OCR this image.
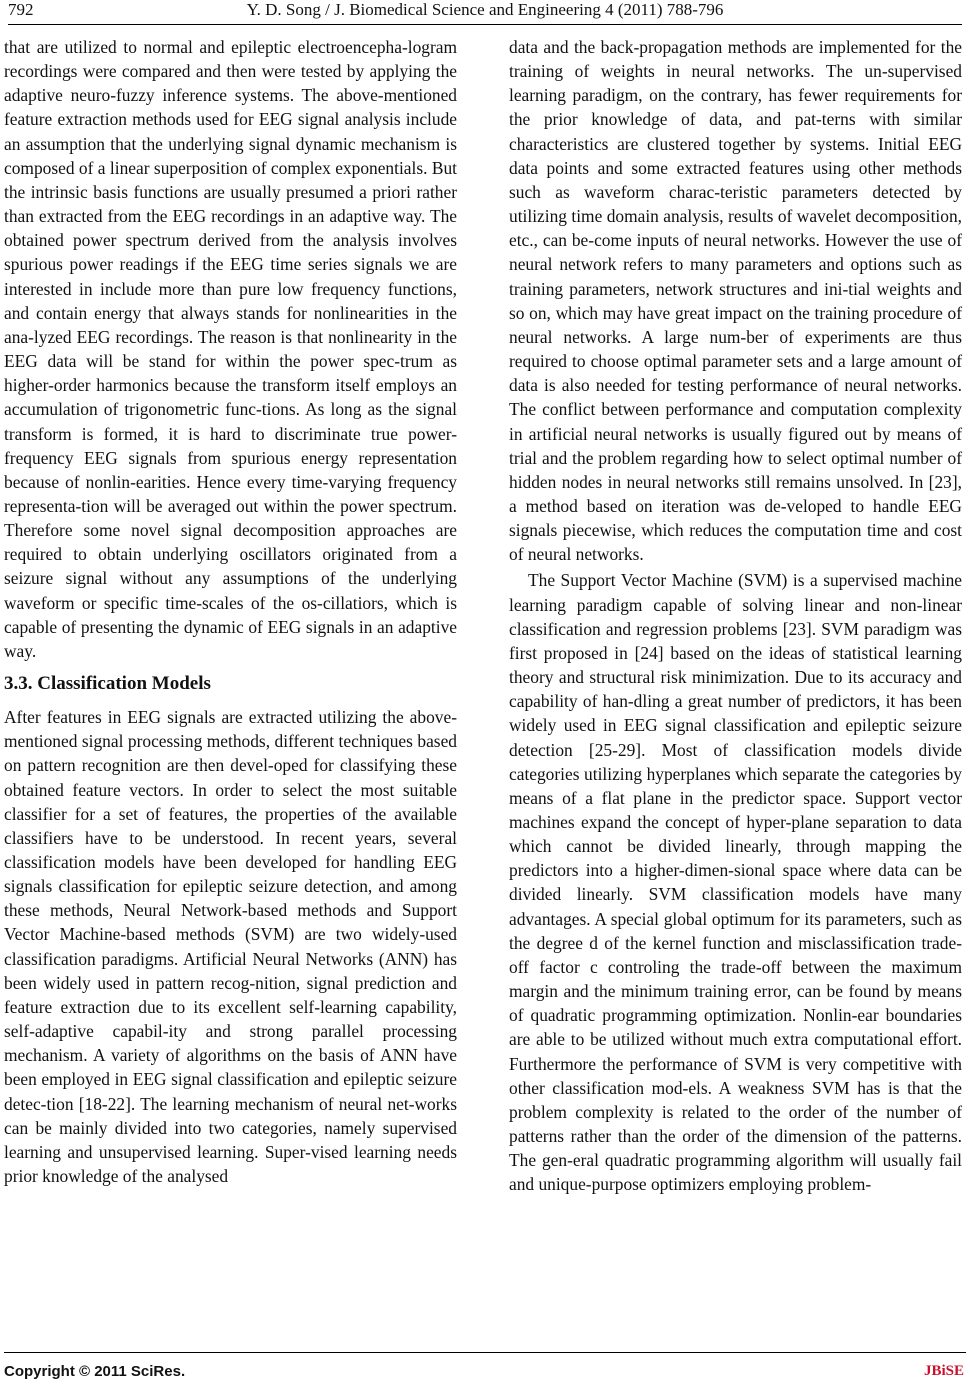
792	Y. D. Song / J. Biomedical Science and Engineering 4 (2011) 788-796

that are utilized to normal and epileptic electroencepha-logram recordings were compared and then were tested by applying the adaptive neuro-fuzzy inference systems. The above-mentioned feature extraction methods used for EEG signal analysis include an assumption that the underlying signal dynamic mechanism is composed of a linear superposition of complex exponentials. But the intrinsic basis functions are usually presumed a priori rather than extracted from the EEG recordings in an adaptive way. The obtained power spectrum derived from the analysis involves spurious power readings if the EEG time series signals we are interested in include more than pure low frequency functions, and contain energy that always stands for nonlinearities in the ana-lyzed EEG recordings. The reason is that nonlinearity in the EEG data will be stand for within the power spec-trum as higher-order harmonics because the transform itself employs an accumulation of trigonometric func-tions. As long as the signal transform is formed, it is hard to discriminate true power-frequency EEG signals from spurious energy representation because of nonlin-earities. Hence every time-varying frequency representa-tion will be averaged out within the power spectrum. Therefore some novel signal decomposition approaches are required to obtain underlying oscillators originated from a seizure signal without any assumptions of the underlying waveform or specific time-scales of the os-cillatiors, which is capable of presenting the dynamic of EEG signals in an adaptive way.

3.3. Classification Models

After features in EEG signals are extracted utilizing the above-mentioned signal processing methods, different techniques based on pattern recognition are then devel-oped for classifying these obtained feature vectors. In order to select the most suitable classifier for a set of features, the properties of the available classifiers have to be understood. In recent years, several classification models have been developed for handling EEG signals classification for epileptic seizure detection, and among these methods, Neural Network-based methods and Support Vector Machine-based methods (SVM) are two widely-used classification paradigms. Artificial Neural Networks (ANN) has been widely used in pattern recog-nition, signal prediction and feature extraction due to its excellent self-learning capability, self-adaptive capabil-ity and strong parallel processing mechanism. A variety of algorithms on the basis of ANN have been employed in EEG signal classification and epileptic seizure detec-tion [18-22]. The learning mechanism of neural net-works can be mainly divided into two categories, namely supervised learning and unsupervised learning. Super-vised learning needs prior knowledge of the analysed

data and the back-propagation methods are implemented for the training of weights in neural networks. The un-supervised learning paradigm, on the contrary, has fewer requirements for the prior knowledge of data, and pat-terns with similar characteristics are clustered together by systems. Initial EEG data points and some extracted features using other methods such as waveform charac-teristic parameters detected by utilizing time domain analysis, results of wavelet decomposition, etc., can be-come inputs of neural networks. However the use of neural network refers to many parameters and options such as training parameters, network structures and ini-tial weights and so on, which may have great impact on the training procedure of neural networks. A large num-ber of experiments are thus required to choose optimal parameter sets and a large amount of data is also needed for testing performance of neural networks. The conflict between performance and computation complexity in artificial neural networks is usually figured out by means of trial and the problem regarding how to select optimal number of hidden nodes in neural networks still remains unsolved. In [23], a method based on iteration was de-veloped to handle EEG signals piecewise, which reduces the computation time and cost of neural networks.

The Support Vector Machine (SVM) is a supervised machine learning paradigm capable of solving linear and non-linear classification and regression problems [23]. SVM paradigm was first proposed in [24] based on the ideas of statistical learning theory and structural risk minimization. Due to its accuracy and capability of han-dling a great number of predictors, it has been widely used in EEG signal classification and epileptic seizure detection [25-29]. Most of classification models divide categories utilizing hyperplanes which separate the categories by means of a flat plane in the predictor space. Support vector machines expand the concept of hyper-plane separation to data which cannot be divided linearly, through mapping the predictors into a higher-dimen-sional space where data can be divided linearly. SVM classification models have many advantages. A special global optimum for its parameters, such as the degree d of the kernel function and misclassification trade-off factor c controling the trade-off between the maximum margin and the minimum training error, can be found by means of quadratic programming optimization. Nonlin-ear boundaries are able to be utilized without much extra computational effort. Furthermore the performance of SVM is very competitive with other classification mod-els. A weakness SVM has is that the problem complexity is related to the order of the number of patterns rather than the order of the dimension of the patterns. The gen-eral quadratic programming algorithm will usually fail and unique-purpose optimizers employing problem-

Copyright © 2011 SciRes.	JBiSE
